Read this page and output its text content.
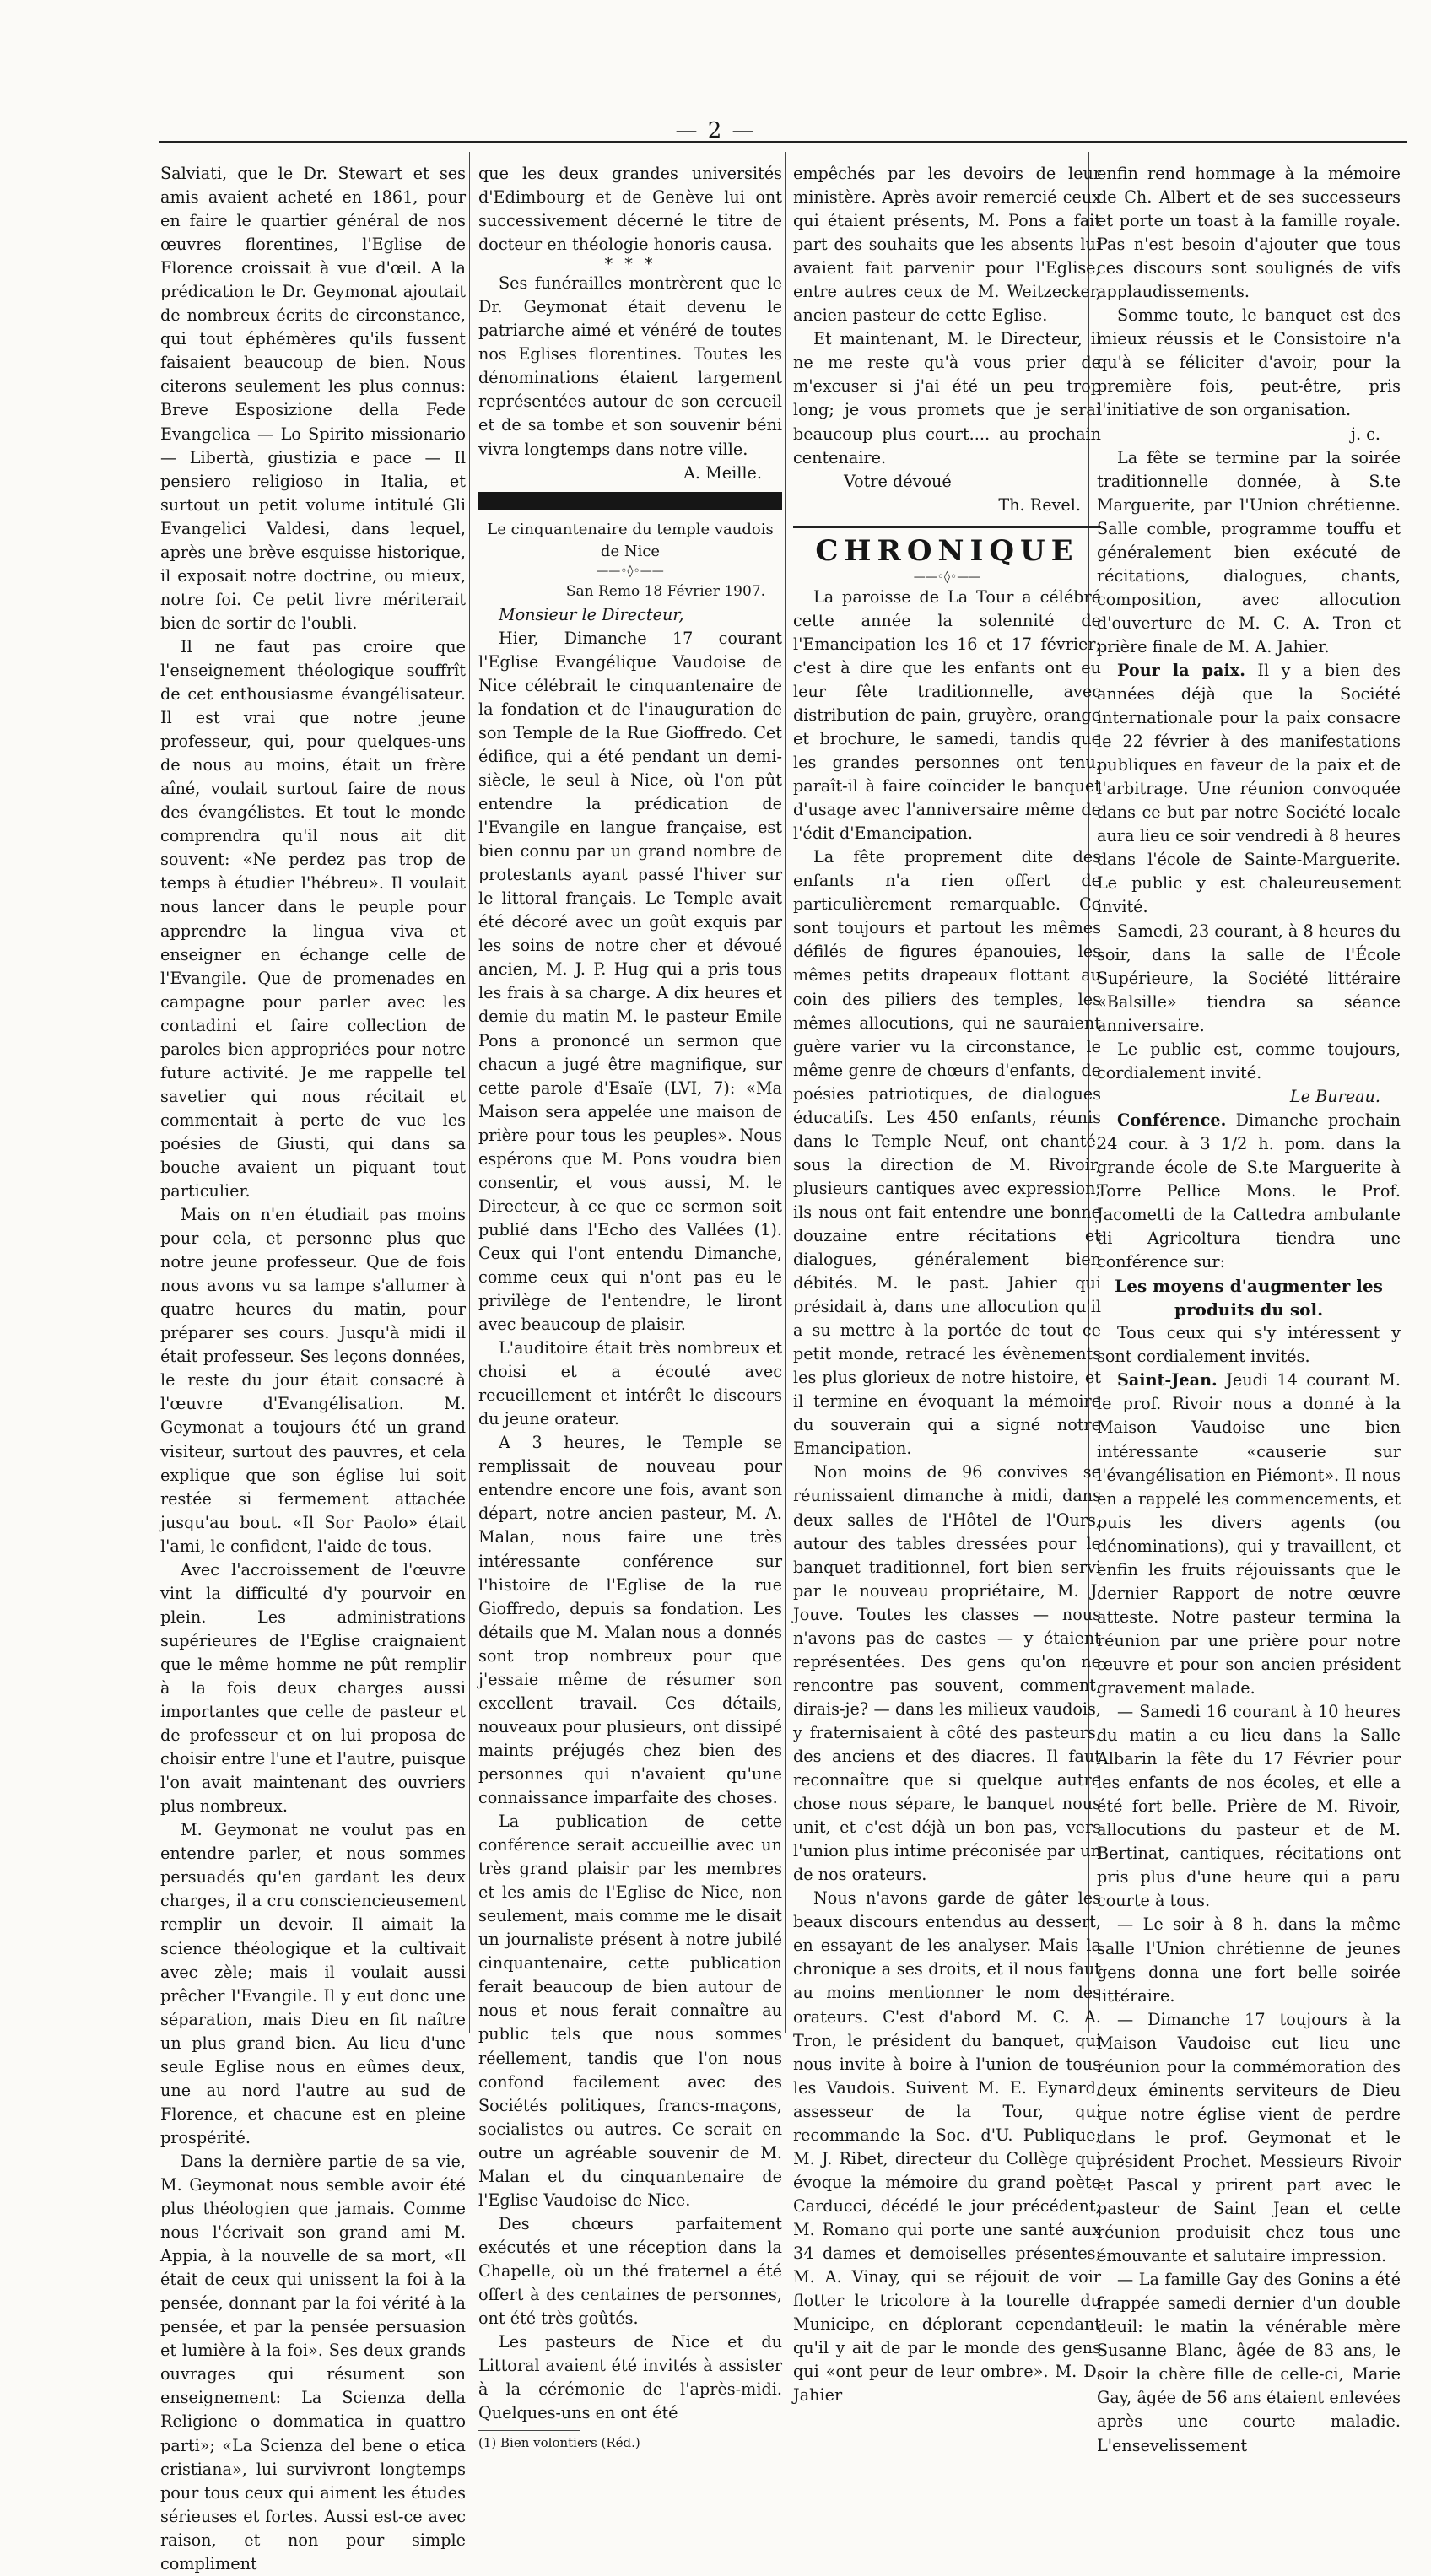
— 2 —

Salviati, que le Dr. Stewart et ses amis avaient acheté en 1861, pour en faire le quartier général de nos œuvres florentines, l'Eglise de Florence croissait à vue d'œil. A la prédication le Dr. Geymonat ajoutait de nombreux écrits de circonstance, qui tout éphémères qu'ils fussent faisaient beaucoup de bien. Nous citerons seulement les plus connus: Breve Esposizione della Fede Evangelica — Lo Spirito missionario — Libertà, giustizia e pace — Il pensiero religioso in Italia, et surtout un petit volume intitulé Gli Evangelici Valdesi, dans lequel, après une brève esquisse historique, il exposait notre doctrine, ou mieux, notre foi. Ce petit livre mériterait bien de sortir de l'oubli.

Il ne faut pas croire que l'enseignement théologique souffrît de cet enthousiasme évangélisateur. Il est vrai que notre jeune professeur, qui, pour quelques-uns de nous au moins, était un frère aîné, voulait surtout faire de nous des évangélistes. Et tout le monde comprendra qu'il nous ait dit souvent: «Ne perdez pas trop de temps à étudier l'hébreu». Il voulait nous lancer dans le peuple pour apprendre la lingua viva et enseigner en échange celle de l'Evangile. Que de promenades en campagne pour parler avec les contadini et faire collection de paroles bien appropriées pour notre future activité. Je me rappelle tel savetier qui nous récitait et commentait à perte de vue les poésies de Giusti, qui dans sa bouche avaient un piquant tout particulier.

Mais on n'en étudiait pas moins pour cela, et personne plus que notre jeune professeur. Que de fois nous avons vu sa lampe s'allumer à quatre heures du matin, pour préparer ses cours. Jusqu'à midi il était professeur. Ses leçons données, le reste du jour était consacré à l'œuvre d'Evangélisation. M. Geymonat a toujours été un grand visiteur, surtout des pauvres, et cela explique que son église lui soit restée si fermement attachée jusqu'au bout. «Il Sor Paolo» était l'ami, le confident, l'aide de tous.

Avec l'accroissement de l'œuvre vint la difficulté d'y pourvoir en plein. Les administrations supérieures de l'Eglise craignaient que le même homme ne pût remplir à la fois deux charges aussi importantes que celle de pasteur et de professeur et on lui proposa de choisir entre l'une et l'autre, puisque l'on avait maintenant des ouvriers plus nombreux.

M. Geymonat ne voulut pas en entendre parler, et nous sommes persuadés qu'en gardant les deux charges, il a cru consciencieusement remplir un devoir. Il aimait la science théologique et la cultivait avec zèle; mais il voulait aussi prêcher l'Evangile. Il y eut donc une séparation, mais Dieu en fit naître un plus grand bien. Au lieu d'une seule Eglise nous en eûmes deux, une au nord l'autre au sud de Florence, et chacune est en pleine prospérité.

Dans la dernière partie de sa vie, M. Geymonat nous semble avoir été plus théologien que jamais. Comme nous l'écrivait son grand ami M. Appia, à la nouvelle de sa mort, «Il était de ceux qui unissent la foi à la pensée, donnant par la foi vérité à la pensée, et par la pensée persuasion et lumière à la foi». Ses deux grands ouvrages qui résument son enseignement: La Scienza della Religione o dommatica in quattro parti»; «La Scienza del bene o etica cristiana», lui survivront longtemps pour tous ceux qui aiment les études sérieuses et fortes. Aussi est-ce avec raison, et non pour simple compliment

que les deux grandes universités d'Edimbourg et de Genève lui ont successivement décerné le titre de docteur en théologie honoris causa.

* * *

Ses funérailles montrèrent que le Dr. Geymonat était devenu le patriarche aimé et vénéré de toutes nos Eglises florentines. Toutes les dénominations étaient largement représentées autour de son cercueil et de sa tombe et son souvenir béni vivra longtemps dans notre ville.

A. Meille.
Le cinquantenaire du temple vaudois de Nice
——◦◊◦——
San Remo 18 Février 1907.

Monsieur le Directeur,

Hier, Dimanche 17 courant l'Eglise Evangélique Vaudoise de Nice célébrait le cinquantenaire de la fondation et de l'inauguration de son Temple de la Rue Gioffredo. Cet édifice, qui a été pendant un demi-siècle, le seul à Nice, où l'on pût entendre la prédication de l'Evangile en langue française, est bien connu par un grand nombre de protestants ayant passé l'hiver sur le littoral français. Le Temple avait été décoré avec un goût exquis par les soins de notre cher et dévoué ancien, M. J. P. Hug qui a pris tous les frais à sa charge. A dix heures et demie du matin M. le pasteur Emile Pons a prononcé un sermon que chacun a jugé être magnifique, sur cette parole d'Esaïe (LVI, 7): «Ma Maison sera appelée une maison de prière pour tous les peuples». Nous espérons que M. Pons voudra bien consentir, et vous aussi, M. le Directeur, à ce que ce sermon soit publié dans l'Echo des Vallées (1). Ceux qui l'ont entendu Dimanche, comme ceux qui n'ont pas eu le privilège de l'entendre, le liront avec beaucoup de plaisir.

L'auditoire était très nombreux et choisi et a écouté avec recueillement et intérêt le discours du jeune orateur.

A 3 heures, le Temple se remplissait de nouveau pour entendre encore une fois, avant son départ, notre ancien pasteur, M. A. Malan, nous faire une très intéressante conférence sur l'histoire de l'Eglise de la rue Gioffredo, depuis sa fondation. Les détails que M. Malan nous a donnés sont trop nombreux pour que j'essaie même de résumer son excellent travail. Ces détails, nouveaux pour plusieurs, ont dissipé maints préjugés chez bien des personnes qui n'avaient qu'une connaissance imparfaite des choses.

La publication de cette conférence serait accueillie avec un très grand plaisir par les membres et les amis de l'Eglise de Nice, non seulement, mais comme me le disait un journaliste présent à notre jubilé cinquantenaire, cette publication ferait beaucoup de bien autour de nous et nous ferait connaître au public tels que nous sommes réellement, tandis que l'on nous confond facilement avec des Sociétés politiques, francs-maçons, socialistes ou autres. Ce serait en outre un agréable souvenir de M. Malan et du cinquantenaire de l'Eglise Vaudoise de Nice.

Des chœurs parfaitement exécutés et une réception dans la Chapelle, où un thé fraternel a été offert à des centaines de personnes, ont été très goûtés.

Les pasteurs de Nice et du Littoral avaient été invités à assister à la cérémonie de l'après-midi. Quelques-uns en ont été

(1) Bien volontiers (Réd.)

empêchés par les devoirs de leur ministère. Après avoir remercié ceux qui étaient présents, M. Pons a fait part des souhaits que les absents lui avaient fait parvenir pour l'Eglise; entre autres ceux de M. Weitzecker, ancien pasteur de cette Eglise.

Et maintenant, M. le Directeur, il ne me reste qu'à vous prier de m'excuser si j'ai été un peu trop long; je vous promets que je serai beaucoup plus court.... au prochain centenaire.

Votre dévoué

Th. Revel.
CHRONIQUE
——◦◊◦——

La paroisse de La Tour a célébré cette année la solennité de l'Emancipation les 16 et 17 février; c'est à dire que les enfants ont eu leur fête traditionnelle, avec distribution de pain, gruyère, orange et brochure, le samedi, tandis que les grandes personnes ont tenu, paraît-il à faire coïncider le banquet d'usage avec l'anniversaire même de l'édit d'Emancipation.

La fête proprement dite des enfants n'a rien offert de particulièrement remarquable. Ce sont toujours et partout les mêmes défilés de figures épanouies, les mêmes petits drapeaux flottant au coin des piliers des temples, les mêmes allocutions, qui ne sauraient guère varier vu la circonstance, le même genre de chœurs d'enfants, de poésies patriotiques, de dialogues éducatifs. Les 450 enfants, réunis dans le Temple Neuf, ont chanté, sous la direction de M. Rivoir, plusieurs cantiques avec expression; ils nous ont fait entendre une bonne douzaine entre récitations et dialogues, généralement bien débités. M. le past. Jahier qui présidait à, dans une allocution qu'il a su mettre à la portée de tout ce petit monde, retracé les évènements les plus glorieux de notre histoire, et il termine en évoquant la mémoire du souverain qui a signé notre Emancipation.

Non moins de 96 convives se réunissaient dimanche à midi, dans deux salles de l'Hôtel de l'Ours, autour des tables dressées pour le banquet traditionnel, fort bien servi par le nouveau propriétaire, M. J. Jouve. Toutes les classes — nous n'avons pas de castes — y étaient représentées. Des gens qu'on ne rencontre pas souvent, comment, dirais-je? — dans les milieux vaudois, y fraternisaient à côté des pasteurs, des anciens et des diacres. Il faut reconnaître que si quelque autre chose nous sépare, le banquet nous unit, et c'est déjà un bon pas, vers l'union plus intime préconisée par un de nos orateurs.

Nous n'avons garde de gâter les beaux discours entendus au dessert, en essayant de les analyser. Mais la chronique a ses droits, et il nous faut au moins mentionner le nom des orateurs. C'est d'abord M. C. A. Tron, le président du banquet, qui nous invite à boire à l'union de tous les Vaudois. Suivent M. E. Eynard, assesseur de la Tour, qui recommande la Soc. d'U. Publique; M. J. Ribet, directeur du Collège qui évoque la mémoire du grand poète Carducci, décédé le jour précédent; M. Romano qui porte une santé aux 34 dames et demoiselles présentes; M. A. Vinay, qui se réjouit de voir flotter le tricolore à la tourelle du Municipe, en déplorant cependant qu'il y ait de par le monde des gens qui «ont peur de leur ombre». M. D. Jahier

enfin rend hommage à la mémoire de Ch. Albert et de ses successeurs et porte un toast à la famille royale. Pas n'est besoin d'ajouter que tous ces discours sont soulignés de vifs applaudissements.

Somme toute, le banquet est des mieux réussis et le Consistoire n'a qu'à se féliciter d'avoir, pour la première fois, peut-être, pris l'initiative de son organisation.

j. c.

La fête se termine par la soirée traditionnelle donnée, à S.te Marguerite, par l'Union chrétienne. Salle comble, programme touffu et généralement bien exécuté de récitations, dialogues, chants, composition, avec allocution d'ouverture de M. C. A. Tron et prière finale de M. A. Jahier.

Pour la paix. Il y a bien des années déjà que la Société internationale pour la paix consacre le 22 février à des manifestations publiques en faveur de la paix et de l'arbitrage. Une réunion convoquée dans ce but par notre Société locale aura lieu ce soir vendredi à 8 heures dans l'école de Sainte-Marguerite. Le public y est chaleureusement invité.

Samedi, 23 courant, à 8 heures du soir, dans la salle de l'École Supérieure, la Société littéraire «Balsille» tiendra sa séance anniversaire.

Le public est, comme toujours, cordialement invité.

Le Bureau.

Conférence. Dimanche prochain 24 cour. à 3 1/2 h. pom. dans la grande école de S.te Marguerite à Torre Pellice Mons. le Prof. Jacometti de la Cattedra ambulante di Agricoltura tiendra une conférence sur:

Les moyens d'augmenter les produits du sol.

Tous ceux qui s'y intéressent y sont cordialement invités.

Saint-Jean. Jeudi 14 courant M. le prof. Rivoir nous a donné à la Maison Vaudoise une bien intéressante «causerie sur l'évangélisation en Piémont». Il nous en a rappelé les commencements, et puis les divers agents (ou dénominations), qui y travaillent, et enfin les fruits réjouissants que le dernier Rapport de notre œuvre atteste. Notre pasteur termina la réunion par une prière pour notre œuvre et pour son ancien président gravement malade.

— Samedi 16 courant à 10 heures du matin a eu lieu dans la Salle Albarin la fête du 17 Février pour les enfants de nos écoles, et elle a été fort belle. Prière de M. Rivoir, allocutions du pasteur et de M. Bertinat, cantiques, récitations ont pris plus d'une heure qui a paru courte à tous.

— Le soir à 8 h. dans la même salle l'Union chrétienne de jeunes gens donna une fort belle soirée littéraire.

— Dimanche 17 toujours à la Maison Vaudoise eut lieu une réunion pour la commémoration des deux éminents serviteurs de Dieu que notre église vient de perdre dans le prof. Geymonat et le président Prochet. Messieurs Rivoir et Pascal y prirent part avec le pasteur de Saint Jean et cette réunion produisit chez tous une émouvante et salutaire impression.

— La famille Gay des Gonins a été frappée samedi dernier d'un double deuil: le matin la vénérable mère Susanne Blanc, âgée de 83 ans, le soir la chère fille de celle-ci, Marie Gay, âgée de 56 ans étaient enlevées après une courte maladie. L'ensevelissement
